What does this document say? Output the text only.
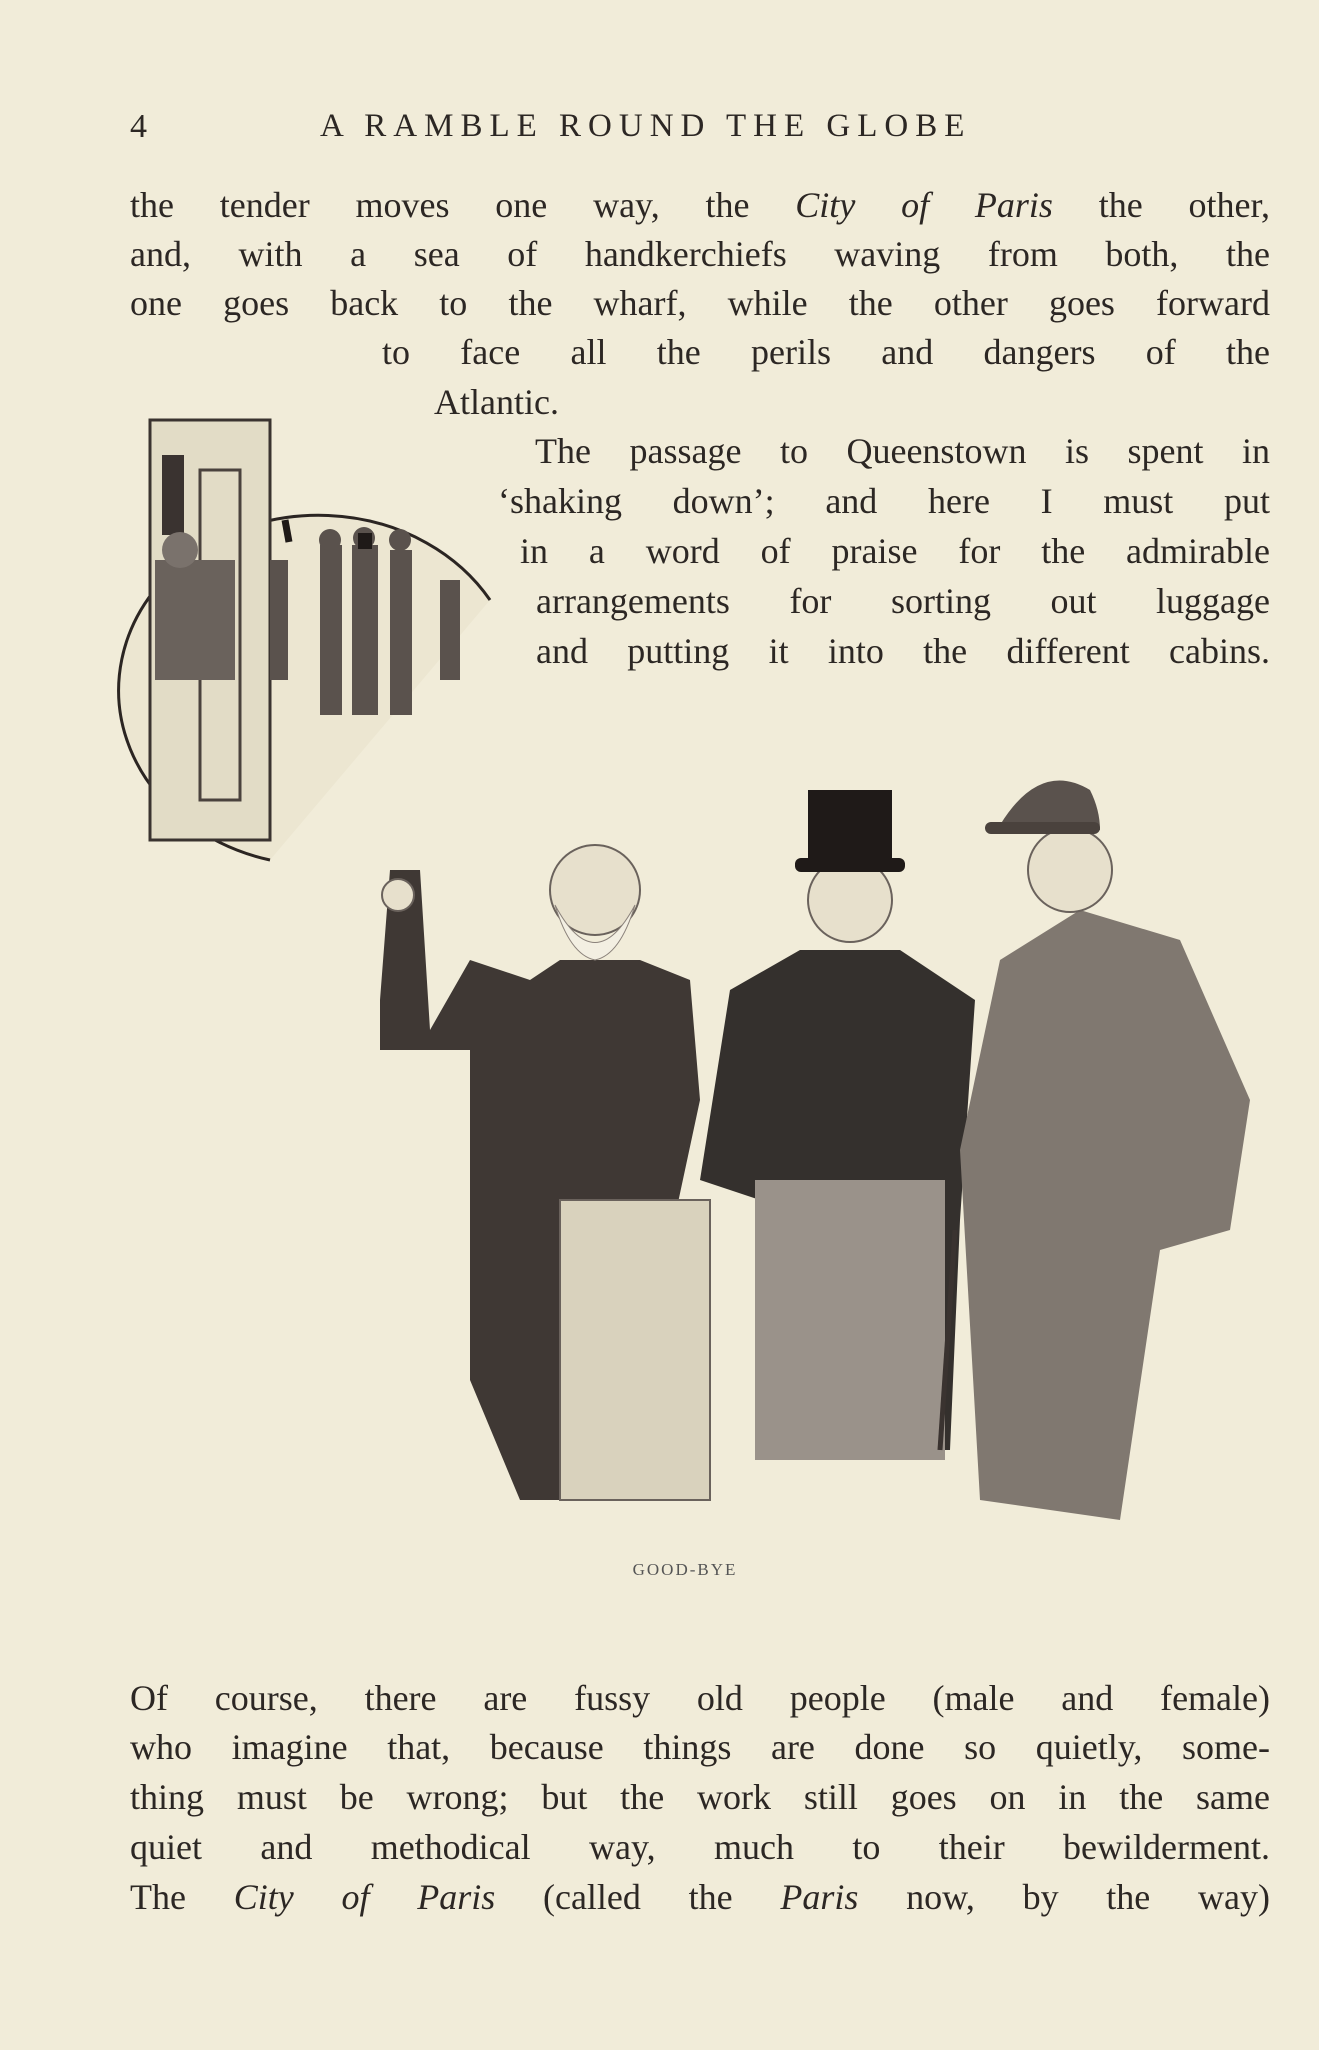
4	A RAMBLE ROUND THE GLOBE
the tender moves one way, the City of Paris the other,
and, with a sea of handkerchiefs waving from both, the
one goes back to the wharf, while the other goes forward
to face all the perils and dangers of the
Atlantic.
The passage to Queenstown is spent in
‘shaking down’; and here I must put
in a word of praise for the admirable
arrangements for sorting out luggage
and putting it into the different cabins.
GOOD-BYE
Of course, there are fussy old people (male and female)
who imagine that, because things are done so quietly, some-
thing must be wrong; but the work still goes on in the same
quiet and methodical way, much to their bewilderment.
The City of Paris (called the Paris now, by the way)
